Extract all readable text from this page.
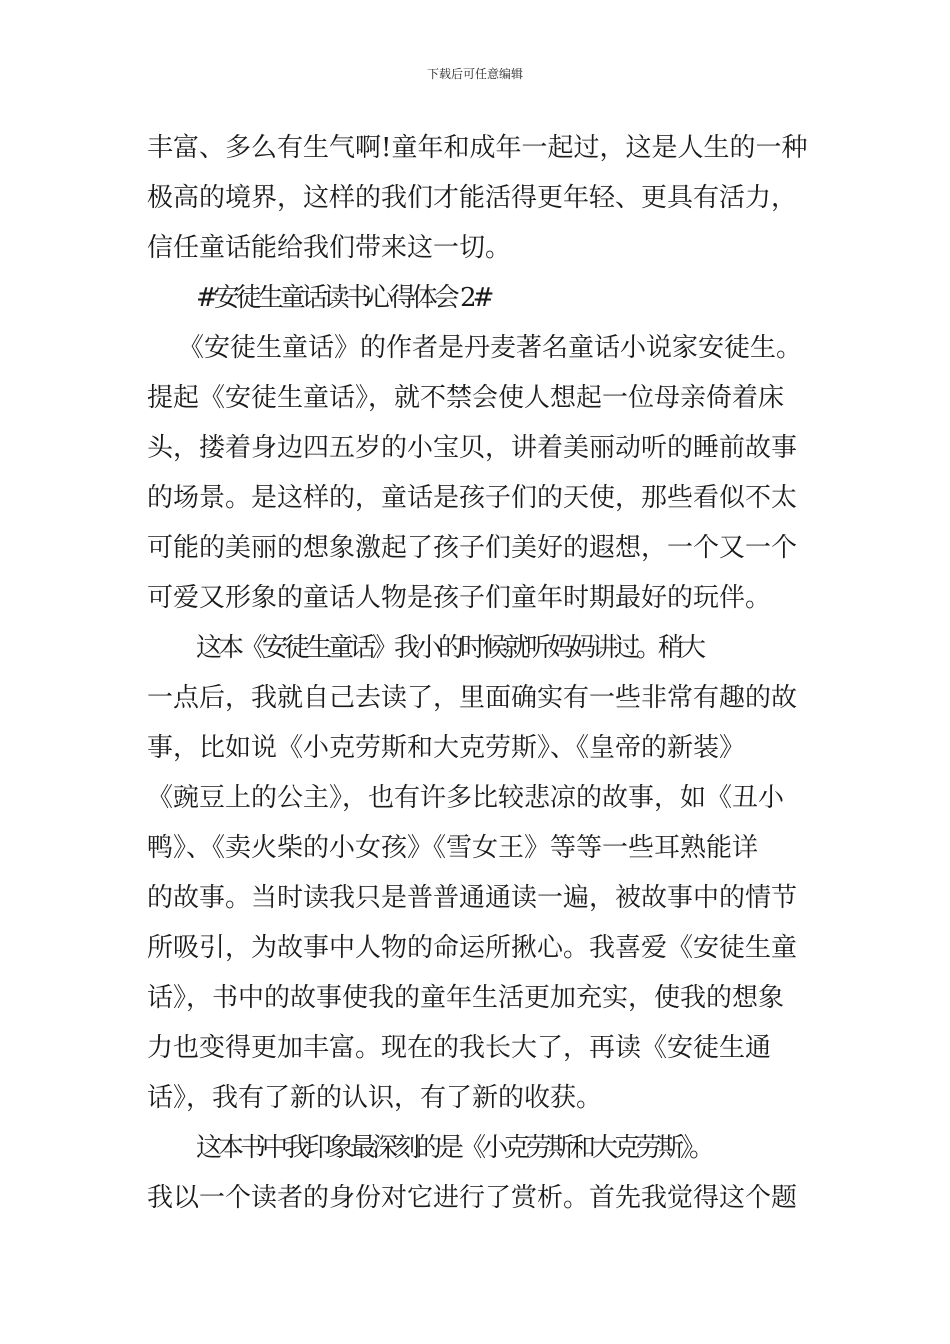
下载后可任意编辑
丰富、多么有生气啊!童年和成年一起过，这是人生的一种
极高的境界，这样的我们才能活得更年轻、更具有活力，
信任童话能给我们带来这一切。
#安徒生童话读书心得体会 2#
《安徒生童话》的作者是丹麦著名童话小说家安徒生。
提起《安徒生童话》，就不禁会使人想起一位母亲倚着床
头，搂着身边四五岁的小宝贝，讲着美丽动听的睡前故事
的场景。是这样的，童话是孩子们的天使，那些看似不太
可能的美丽的想象激起了孩子们美好的遐想，一个又一个
可爱又形象的童话人物是孩子们童年时期最好的玩伴。
这本《安徒生童话》我小的时候就听妈妈讲过。稍大
一点后，我就自己去读了，里面确实有一些非常有趣的故
事，比如说《小克劳斯和大克劳斯》、《皇帝的新装》
《豌豆上的公主》，也有许多比较悲凉的故事，如《丑小
鸭》、《卖火柴的小女孩》《雪女王》等等一些耳熟能详
的故事。当时读我只是普普通通读一遍，被故事中的情节
所吸引，为故事中人物的命运所揪心。我喜爱《安徒生童
话》，书中的故事使我的童年生活更加充实，使我的想象
力也变得更加丰富。现在的我长大了，再读《安徒生通
话》，我有了新的认识，有了新的收获。
这本书中我印象最深刻的是《小克劳斯和大克劳斯》。
我以一个读者的身份对它进行了赏析。首先我觉得这个题
